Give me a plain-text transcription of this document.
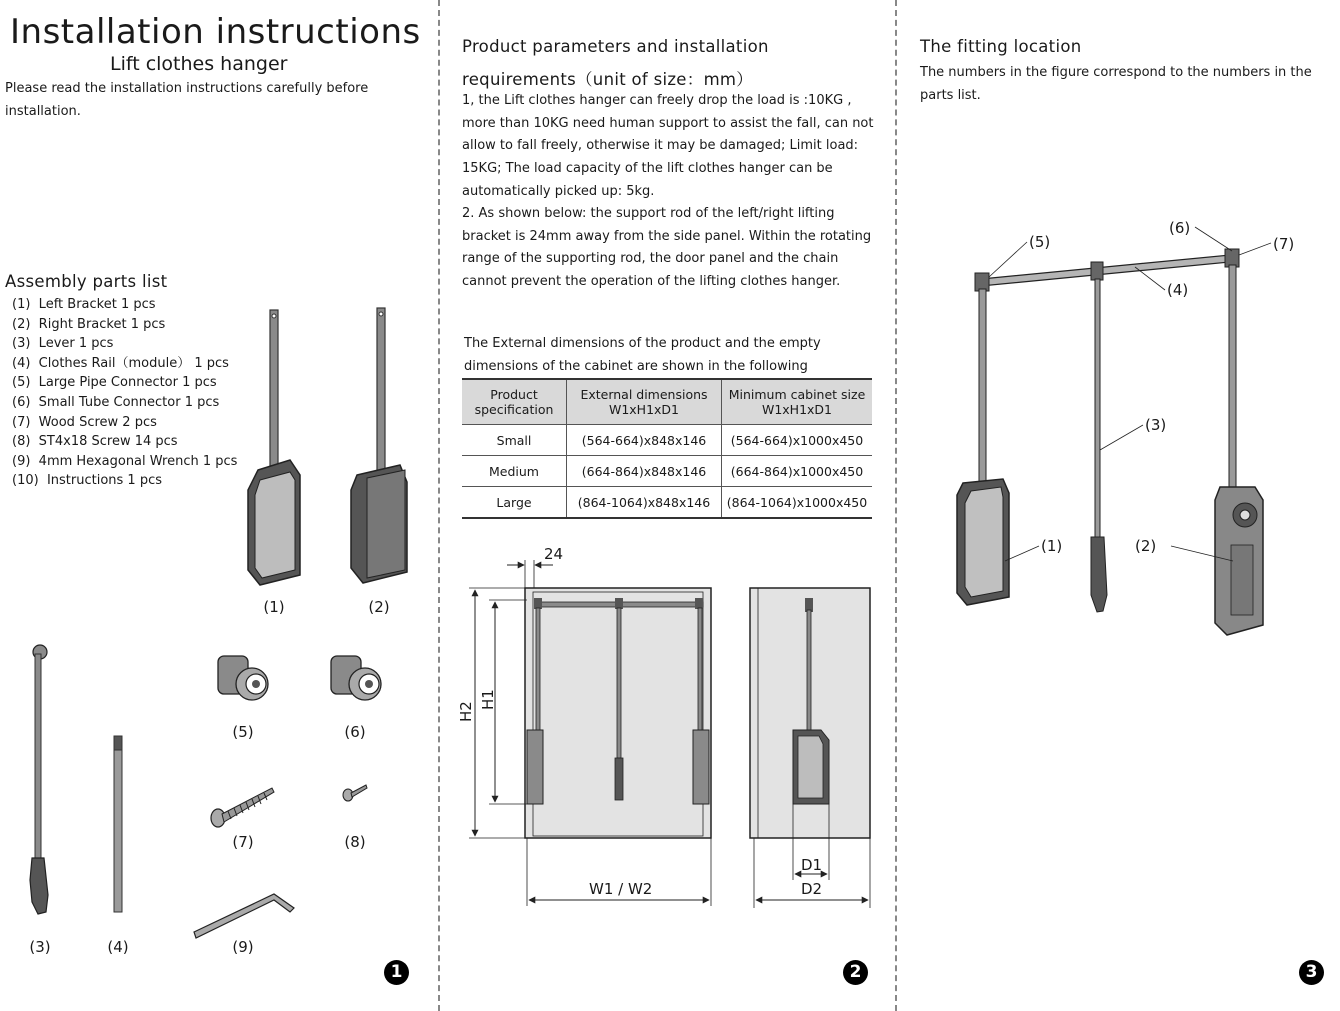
Installation instructions
Lift clothes hanger
Please read the installation instructions carefully before installation.
Assembly parts list
(1)  Left Bracket 1 pcs
(2)  Right Bracket 1 pcs
(3)  Lever 1 pcs
(4)  Clothes Rail（module） 1 pcs
(5)  Large Pipe Connector 1 pcs
(6)  Small Tube Connector 1 pcs
(7)  Wood Screw 2 pcs
(8)  ST4x18 Screw 14 pcs
(9)  4mm Hexagonal Wrench 1 pcs
(10)  Instructions 1 pcs
(1)	(2)
(3)	(4)
(5)	(6)
(7)	(8)
(9)
1
Product parameters and installation
requirements（unit of size：mm）
1, the Lift clothes hanger can freely drop the load is :10KG , more than 10KG need human support to assist the fall, can not allow to fall freely, otherwise it may be damaged; Limit load: 15KG; The load capacity of the lift clothes hanger can be automatically picked up: 5kg.
2. As shown below: the support rod of the left/right lifting bracket is 24mm away from the side panel. Within the rotating range of the supporting rod, the door panel and the chain cannot prevent the operation of the lifting clothes hanger.
The External dimensions of the product and the empty dimensions of the cabinet are shown in the following
Product specification	External dimensions W1xH1xD1	Minimum cabinet size W1xH1xD1
Small	(564-664)x848x146	(564-664)x1000x450
Medium	(664-864)x848x146	(664-864)x1000x450
Large	(864-1064)x848x146	(864-1064)x1000x450
24
H2
H1
W1 / W2
D1
D2
2
The fitting location
The numbers in the figure correspond to the numbers in the parts list.
(5)
(6)
(7)
(4)
(3)
(1)	(2)
3
